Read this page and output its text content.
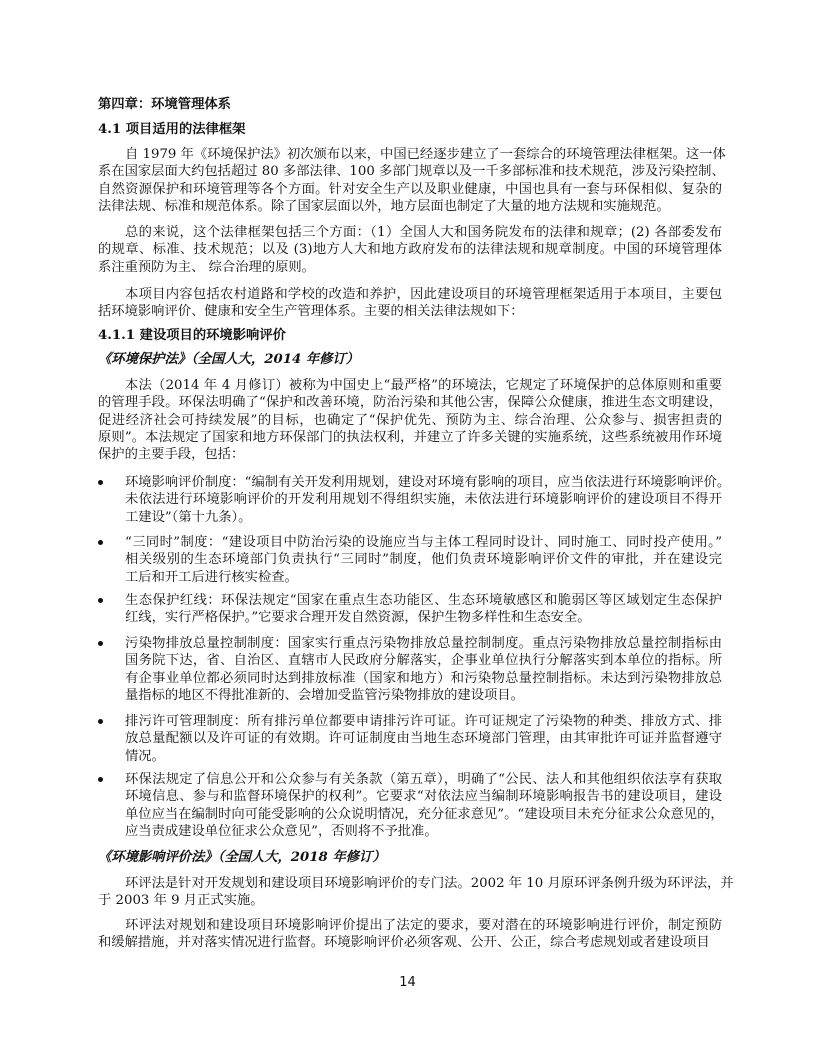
第四章：环境管理体系
4.1 项目适用的法律框架
自 1979 年《环境保护法》初次颁布以来，中国已经逐步建立了一套综合的环境管理法律框架。这一体
系在国家层面大约包括超过 80 多部法律、100 多部门规章以及一千多部标准和技术规范，涉及污染控制、
自然资源保护和环境管理等各个方面。针对安全生产以及职业健康，中国也具有一套与环保相似、复杂的
法律法规、标准和规范体系。除了国家层面以外，地方层面也制定了大量的地方法规和实施规范。
总的来说，这个法律框架包括三个方面：（1）全国人大和国务院发布的法律和规章；(2) 各部委发布
的规章、标准、技术规范；以及 (3)地方人大和地方政府发布的法律法规和规章制度。中国的环境管理体
系注重预防为主、 综合治理的原则。
本项目内容包括农村道路和学校的改造和养护，因此建设项目的环境管理框架适用于本项目，主要包
括环境影响评价、健康和安全生产管理体系。主要的相关法律法规如下：
4.1.1 建设项目的环境影响评价
《环境保护法》（全国人大，2014 年修订）
本法（2014 年 4 月修订）被称为中国史上“最严格”的环境法，它规定了环境保护的总体原则和重要
的管理手段。环保法明确了“保护和改善环境，防治污染和其他公害，保障公众健康，推进生态文明建设，
促进经济社会可持续发展”的目标，也确定了“保护优先、预防为主、综合治理、公众参与、损害担责的
原则”。本法规定了国家和地方环保部门的执法权利，并建立了许多关键的实施系统，这些系统被用作环境
保护的主要手段，包括：
环境影响评价制度：“编制有关开发利用规划，建设对环境有影响的项目，应当依法进行环境影响评价。
未依法进行环境影响评价的开发利用规划不得组织实施，未依法进行环境影响评价的建设项目不得开
工建设”（第十九条）。
“三同时”制度：“建设项目中防治污染的设施应当与主体工程同时设计、同时施工、同时投产使用。”
相关级别的生态环境部门负责执行“三同时”制度，他们负责环境影响评价文件的审批，并在建设完
工后和开工后进行核实检查。
生态保护红线：环保法规定“国家在重点生态功能区、生态环境敏感区和脆弱区等区域划定生态保护
红线，实行严格保护。”它要求合理开发自然资源，保护生物多样性和生态安全。
污染物排放总量控制制度：国家实行重点污染物排放总量控制制度。重点污染物排放总量控制指标由
国务院下达，省、自治区、直辖市人民政府分解落实，企事业单位执行分解落实到本单位的指标。所
有企事业单位都必须同时达到排放标准（国家和地方）和污染物总量控制指标。未达到污染物排放总
量指标的地区不得批准新的、会增加受监管污染物排放的建设项目。
排污许可管理制度：所有排污单位都要申请排污许可证。许可证规定了污染物的种类、排放方式、排
放总量配额以及许可证的有效期。许可证制度由当地生态环境部门管理，由其审批许可证并监督遵守
情况。
环保法规定了信息公开和公众参与有关条款（第五章），明确了“公民、法人和其他组织依法享有获取
环境信息、参与和监督环境保护的权利”。它要求“对依法应当编制环境影响报告书的建设项目，建设
单位应当在编制时向可能受影响的公众说明情况，充分征求意见”。“建设项目未充分征求公众意见的，
应当责成建设单位征求公众意见”，否则将不予批准。
《环境影响评价法》（全国人大，2018 年修订）
环评法是针对开发规划和建设项目环境影响评价的专门法。2002 年 10 月原环评条例升级为环评法，并
于 2003 年 9 月正式实施。
环评法对规划和建设项目环境影响评价提出了法定的要求，要对潜在的环境影响进行评价，制定预防
和缓解措施，并对落实情况进行监督。环境影响评价必须客观、公开、公正，综合考虑规划或者建设项目
14
